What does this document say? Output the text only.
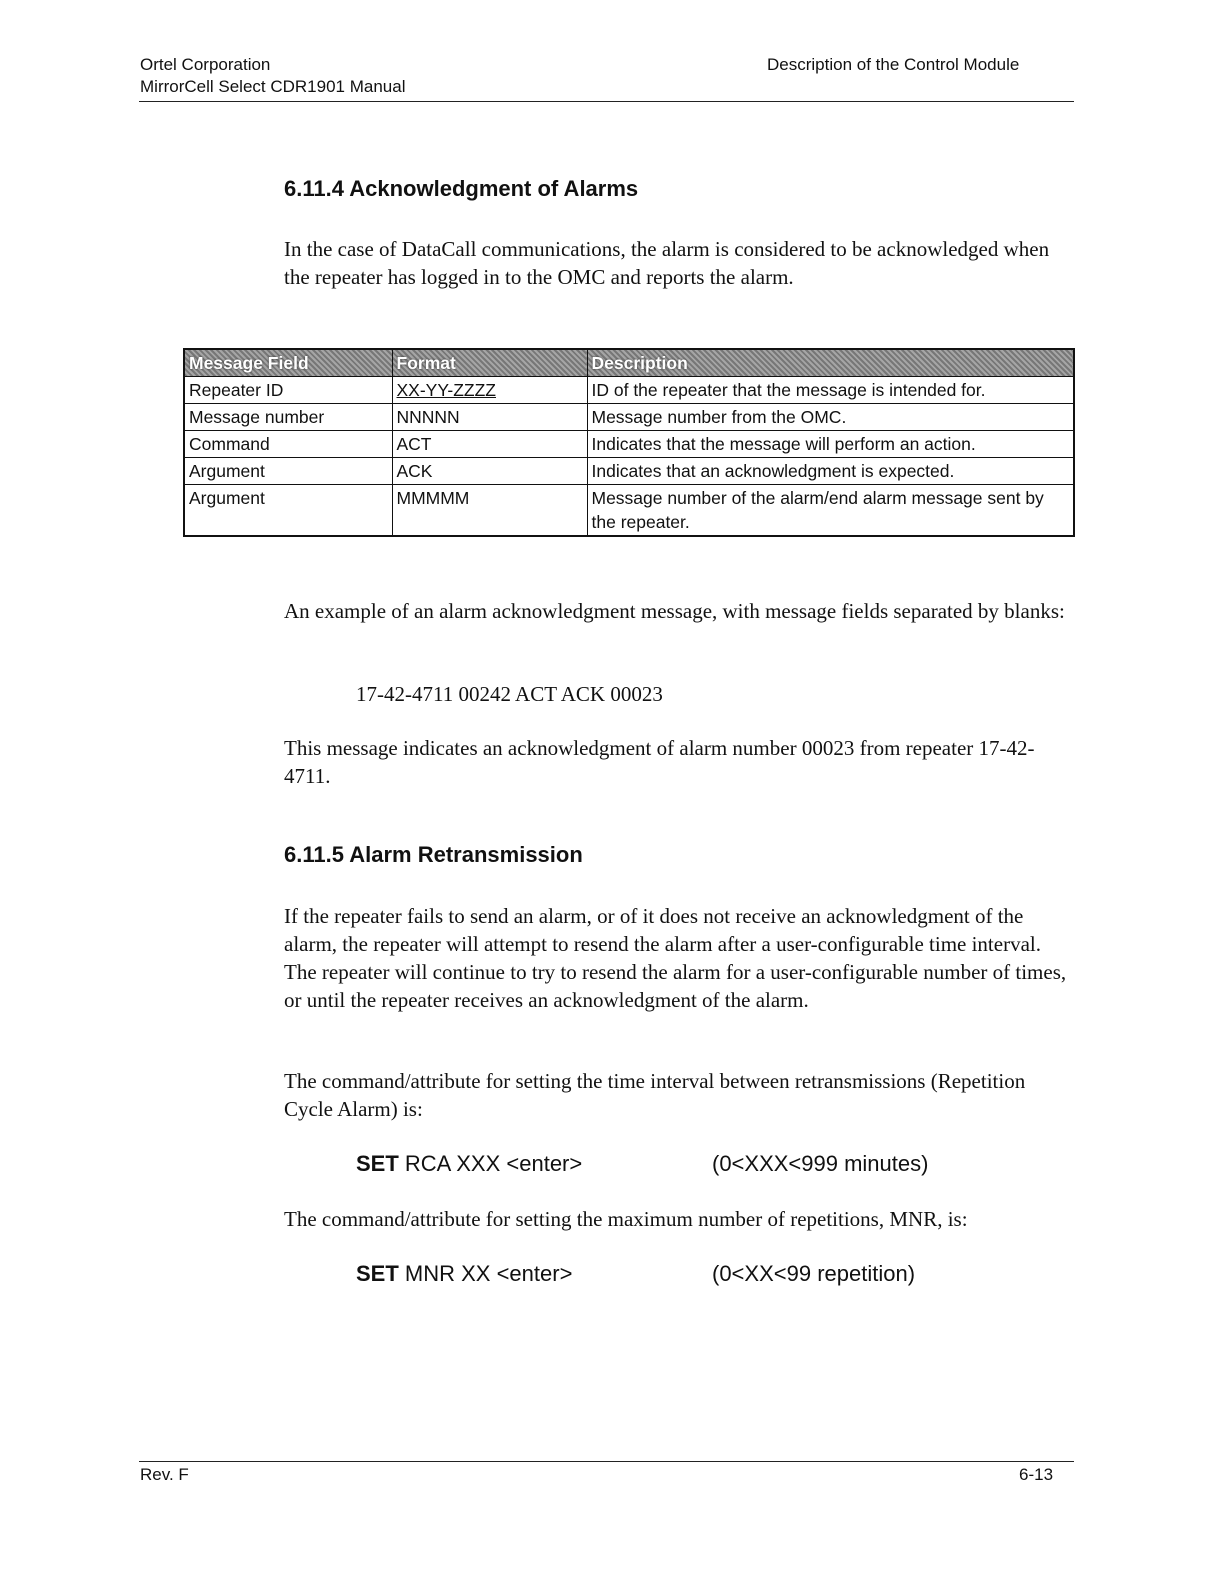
Ortel Corporation
MirrorCell Select CDR1901 Manual
Description of the Control Module
6.11.4 Acknowledgment of Alarms

In the case of DataCall communications, the alarm is considered to be acknowledged when the repeater has logged in to the OMC and reports the alarm.

Message Field	Format	Description
Repeater ID	XX-YY-ZZZZ	ID of the repeater that the message is intended for.
Message number	NNNNN	Message number from the OMC.
Command	ACT	Indicates that the message will perform an action.
Argument	ACK	Indicates that an acknowledgment is expected.
Argument	MMMMM	Message number of the alarm/end alarm message sent by the repeater.

An example of an alarm acknowledgment message, with message fields separated by blanks:

17-42-4711 00242 ACT ACK 00023

This message indicates an acknowledgment of alarm number 00023 from repeater 17-42-4711.

6.11.5 Alarm Retransmission

If the repeater fails to send an alarm, or of it does not receive an acknowledgment of the alarm, the repeater will attempt to resend the alarm after a user-configurable time interval. The repeater will continue to try to resend the alarm for a user-configurable number of times, or until the repeater receives an acknowledgment of the alarm.

The command/attribute for setting the time interval between retransmissions (Repetition Cycle Alarm) is:

SET RCA XXX <enter>	(0<XXX<999 minutes)

The command/attribute for setting the maximum number of repetitions, MNR, is:

SET MNR XX <enter>	(0<XX<99 repetition)
Rev. F	6-13
